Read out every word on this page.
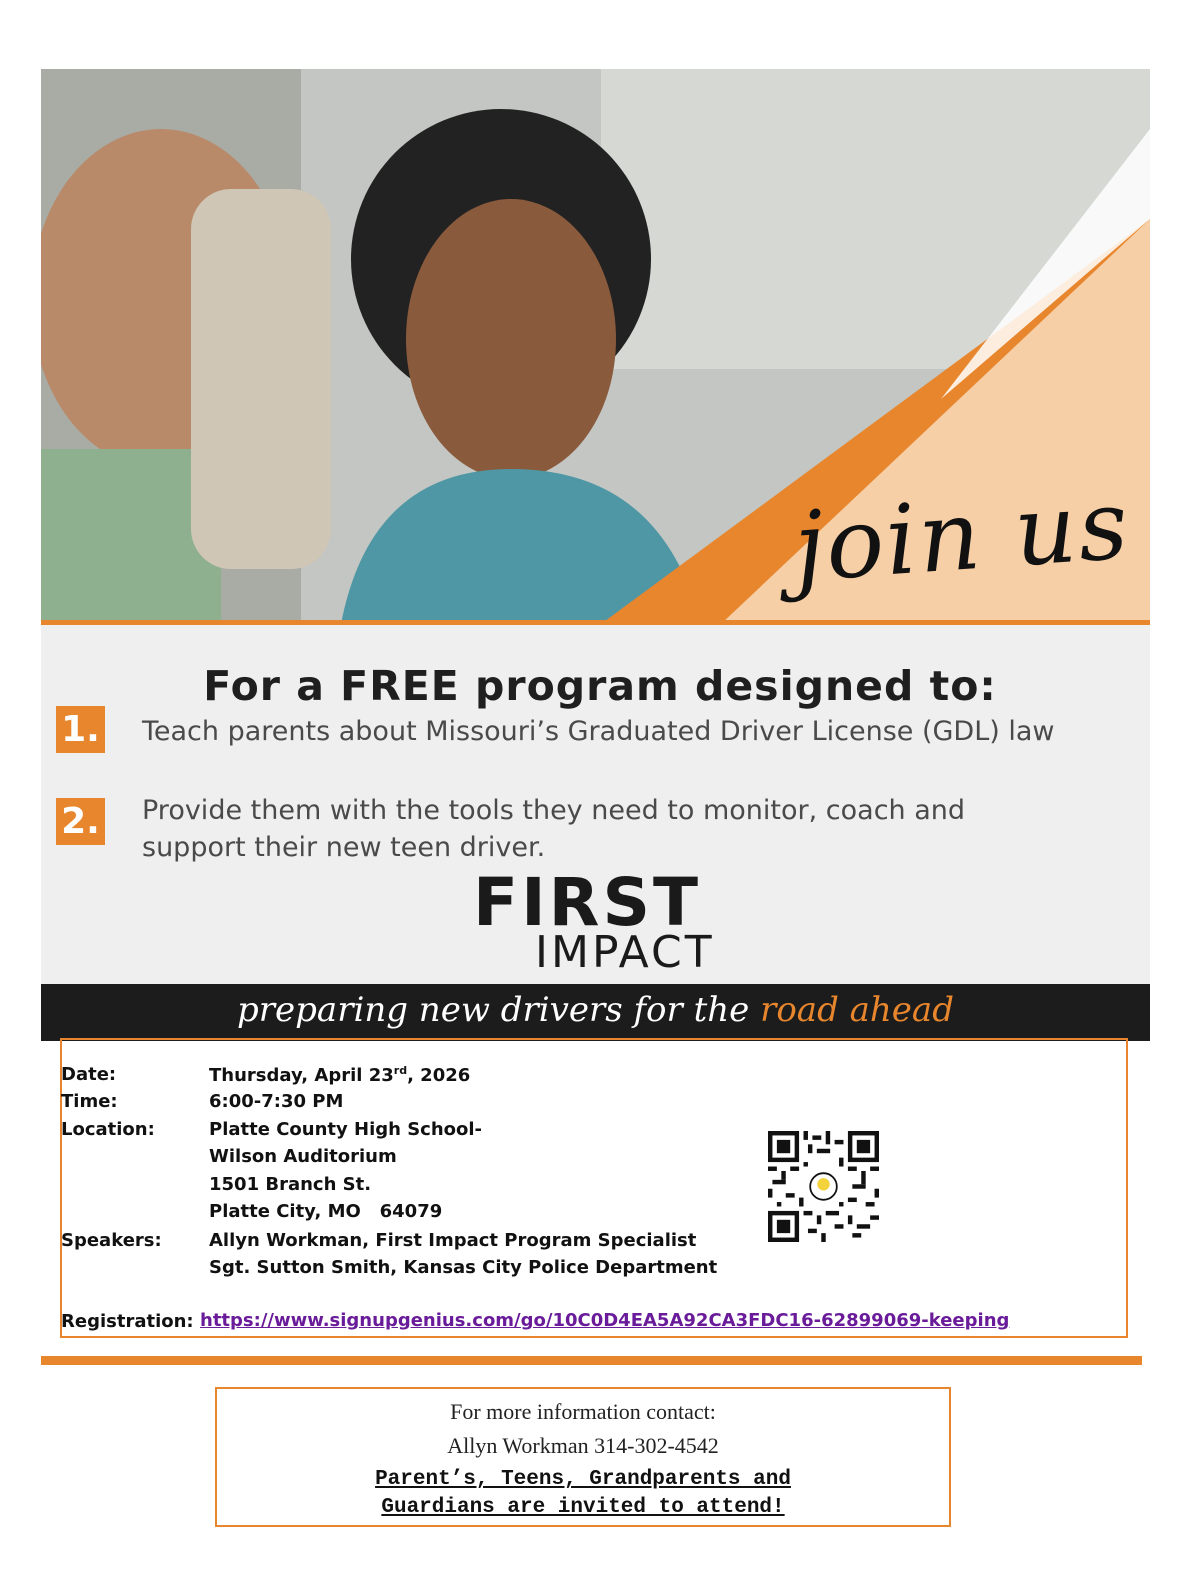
join us
For a FREE program designed to:
1. Teach parents about Missouri’s Graduated Driver License (GDL) law
2. Provide them with the tools they need to monitor, coach and
support their new teen driver.
FIRST
IMPACT
preparing new drivers for the road ahead
Date:	Thursday, April 23rd, 2026
Time:	6:00-7:30 PM
Location:	Platte County High School-
Wilson Auditorium
1501 Branch St.
Platte City, MO   64079
Speakers:	Allyn Workman, First Impact Program Specialist
Sgt. Sutton Smith, Kansas City Police Department
Registration: https://www.signupgenius.com/go/10C0D4EA5A92CA3FDC16-62899069-keeping
For more information contact:
Allyn Workman 314-302-4542
Parent’s, Teens, Grandparents and
Guardians are invited to attend!
